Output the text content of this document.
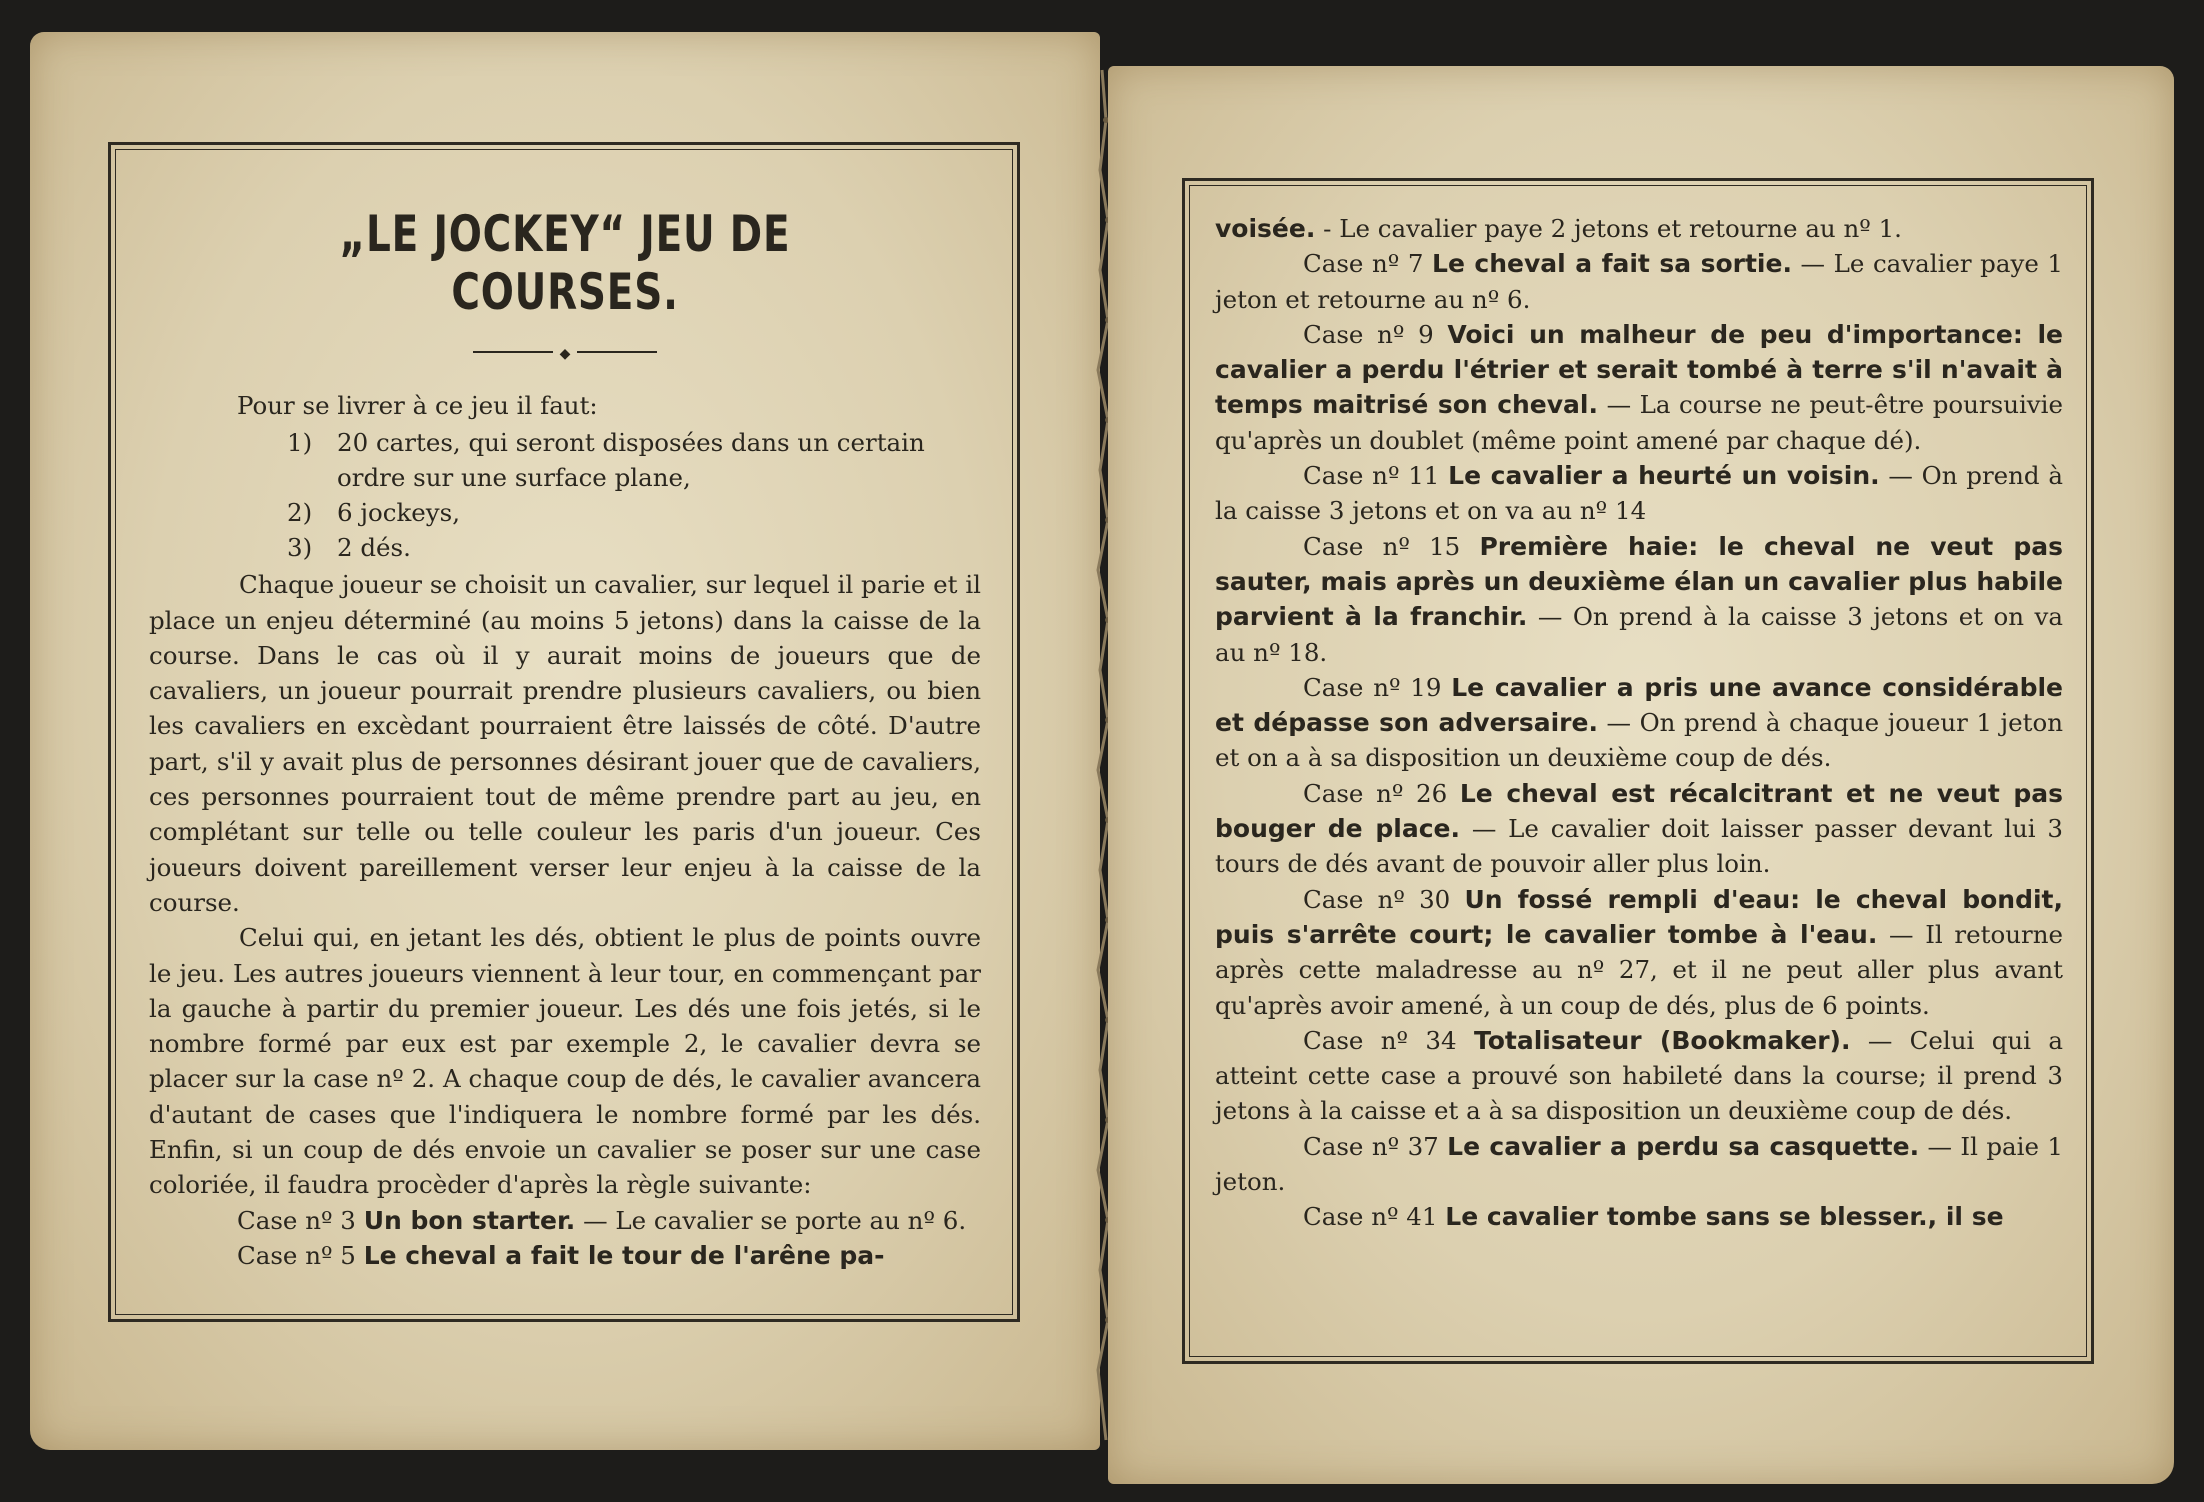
„LE JOCKEY“ JEU DE COURSES.
◆

Pour se livrer à ce jeu il faut:

1)	20 cartes, qui seront disposées dans un certain ordre sur une surface plane,
2)	6 jockeys,
3)	2 dés.

Chaque joueur se choisit un cavalier, sur lequel il parie et il place un enjeu déterminé (au moins 5 jetons) dans la caisse de la course. Dans le cas où il y aurait moins de joueurs que de cavaliers, un joueur pourrait prendre plusieurs cavaliers, ou bien les cavaliers en excèdant pourraient être laissés de côté. D'autre part, s'il y avait plus de personnes désirant jouer que de cavaliers, ces personnes pourraient tout de même prendre part au jeu, en complétant sur telle ou telle couleur les paris d'un joueur. Ces joueurs doivent pareillement verser leur enjeu à la caisse de la course.

Celui qui, en jetant les dés, obtient le plus de points ouvre le jeu. Les autres joueurs viennent à leur tour, en commençant par la gauche à partir du premier joueur. Les dés une fois jetés, si le nombre formé par eux est par exemple 2, le cavalier devra se placer sur la case nº 2. A chaque coup de dés, le cavalier avancera d'autant de cases que l'indiquera le nombre formé par les dés. Enfin, si un coup de dés envoie un cavalier se poser sur une case coloriée, il faudra procèder d'après la règle suivante:

Case nº 3 Un bon starter. — Le cavalier se porte au nº 6.

Case nº 5 Le cheval a fait le tour de l'arêne pa-

voisée. - Le cavalier paye 2 jetons et retourne au nº 1.

Case nº 7 Le cheval a fait sa sortie. — Le cavalier paye 1 jeton et retourne au nº 6.

Case nº 9 Voici un malheur de peu d'importance: le cavalier a perdu l'étrier et serait tombé à terre s'il n'avait à temps maitrisé son cheval. — La course ne peut-être poursuivie qu'après un doublet (même point amené par chaque dé).

Case nº 11 Le cavalier a heurté un voisin. — On prend à la caisse 3 jetons et on va au nº 14

Case nº 15 Première haie: le cheval ne veut pas sauter, mais après un deuxième élan un cavalier plus habile parvient à la franchir. — On prend à la caisse 3 jetons et on va au nº 18.

Case nº 19 Le cavalier a pris une avance considérable et dépasse son adversaire. — On prend à chaque joueur 1 jeton et on a à sa disposition un deuxième coup de dés.

Case nº 26 Le cheval est récalcitrant et ne veut pas bouger de place. — Le cavalier doit laisser passer devant lui 3 tours de dés avant de pouvoir aller plus loin.

Case nº 30 Un fossé rempli d'eau: le cheval bondit, puis s'arrête court; le cavalier tombe à l'eau. — Il retourne après cette maladresse au nº 27, et il ne peut aller plus avant qu'après avoir amené, à un coup de dés, plus de 6 points.

Case nº 34 Totalisateur (Bookmaker). — Celui qui a atteint cette case a prouvé son habileté dans la course; il prend 3 jetons à la caisse et a à sa disposition un deuxième coup de dés.

Case nº 37 Le cavalier a perdu sa casquette. — Il paie 1 jeton.

Case nº 41 Le cavalier tombe sans se blesser., il se
